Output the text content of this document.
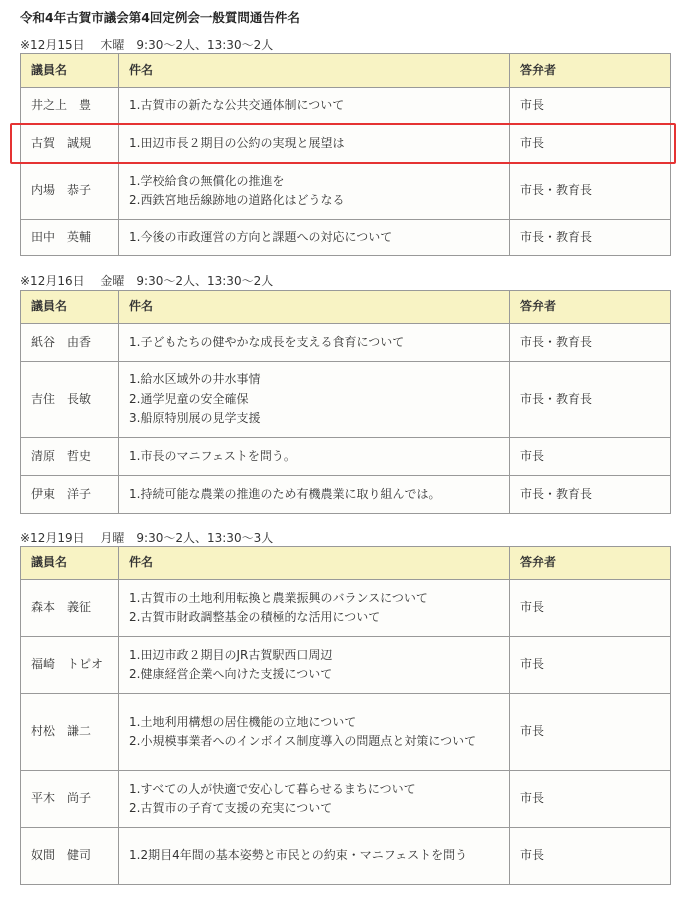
令和4年古賀市議会第4回定例会一般質問通告件名
※12月15日　 木曜　9:30～2人、13:30～2人
議員名	件名	答弁者
井之上　豊	1.古賀市の新たな公共交通体制について	市長
古賀　誠規	1.田辺市長２期目の公約の実現と展望は	市長
内場　恭子	1.学校給食の無償化の推進を
2.西鉄宮地岳線跡地の道路化はどうなる	市長・教育長
田中　英輔	1.今後の市政運営の方向と課題への対応について	市長・教育長
※12月16日　 金曜　9:30～2人、13:30～2人
議員名	件名	答弁者
紙谷　由香	1.子どもたちの健やかな成長を支える食育について	市長・教育長
吉住　長敏	1.給水区域外の井水事情
2.通学児童の安全確保
3.船原特別展の見学支援	市長・教育長
清原　哲史	1.市長のマニフェストを問う。	市長
伊東　洋子	1.持続可能な農業の推進のため有機農業に取り組んでは。	市長・教育長
※12月19日　 月曜　9:30～2人、13:30～3人
議員名	件名	答弁者
森本　義征	1.古賀市の土地利用転換と農業振興のバランスについて
2.古賀市財政調整基金の積極的な活用について	市長
福崎　トピオ	1.田辺市政２期目のJR古賀駅西口周辺
2.健康経営企業へ向けた支援について	市長
村松　謙二	1.土地利用構想の居住機能の立地について
2.小規模事業者へのインボイス制度導入の問題点と対策について	市長
平木　尚子	1.すべての人が快適で安心して暮らせるまちについて
2.古賀市の子育て支援の充実について	市長
奴間　健司	1.2期目4年間の基本姿勢と市民との約束・マニフェストを問う	市長
